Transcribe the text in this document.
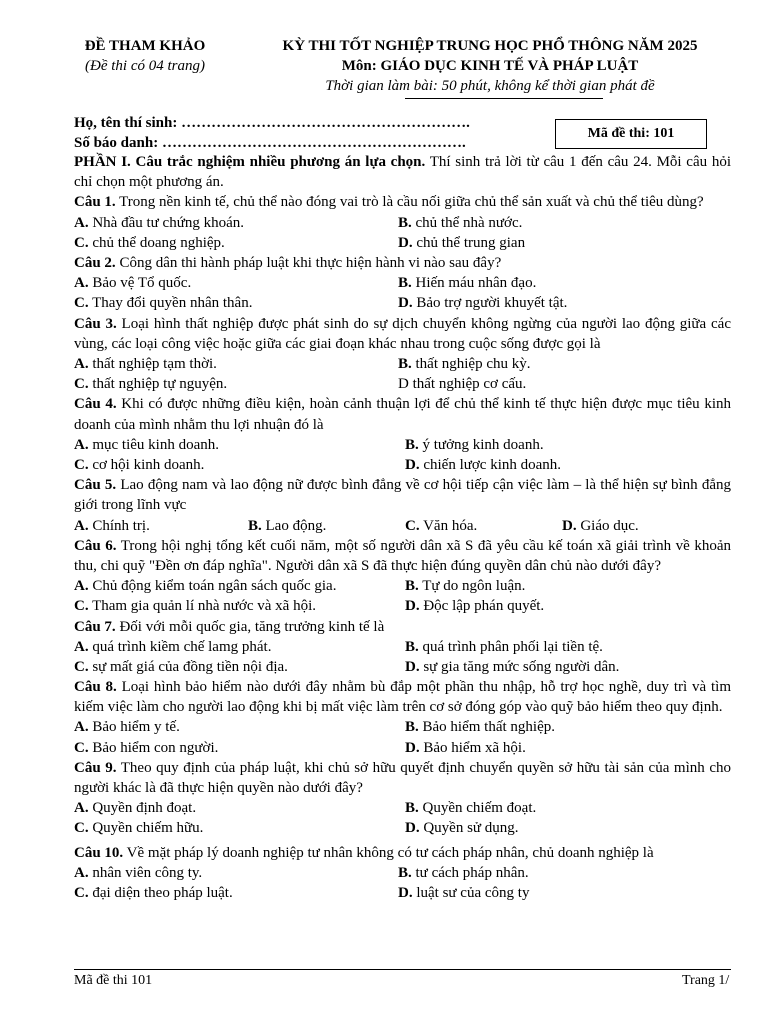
ĐỀ THAM KHẢO
(Đề thi có 04 trang)
KỲ THI TỐT NGHIỆP TRUNG HỌC PHỔ THÔNG NĂM 2025
Môn: GIÁO DỤC KINH TẾ VÀ PHÁP LUẬT
Thời gian làm bài: 50 phút, không kể thời gian phát đề
Họ, tên thí sinh: ………………………………………………….
Số báo danh: …………………………………………………….
Mã đề thi: 101

PHẦN I. Câu trắc nghiệm nhiều phương án lựa chọn. Thí sinh trả lời từ câu 1 đến câu 24. Mỗi câu hỏi chỉ chọn một phương án.

Câu 1. Trong nền kinh tế, chủ thể nào đóng vai trò là cầu nối giữa chủ thể sản xuất và chủ thể tiêu dùng?

A. Nhà đầu tư chứng khoán.	B. chủ thể nhà nước.
C. chủ thể doang nghiệp.	D. chủ thể trung gian

Câu 2. Công dân thi hành pháp luật khi thực hiện hành vi nào sau đây?

A. Bảo vệ Tổ quốc.	B. Hiến máu nhân đạo.
C. Thay đổi quyền nhân thân.	D. Bảo trợ người khuyết tật.

Câu 3. Loại hình thất nghiệp được phát sinh do sự dịch chuyển không ngừng của người lao động giữa các vùng, các loại công việc hoặc giữa các giai đoạn khác nhau trong cuộc sống được gọi là

A. thất nghiệp tạm thời.	B. thất nghiệp chu kỳ.
C. thất nghiệp tự nguyện.	D thất nghiệp cơ cấu.

Câu 4. Khi có được những điều kiện, hoàn cảnh thuận lợi để chủ thể kinh tế thực hiện được mục tiêu kinh doanh của mình nhằm thu lợi nhuận đó là

A. mục tiêu kinh doanh.	B. ý tưởng kinh doanh.
C. cơ hội kinh doanh.	D. chiến lược kinh doanh.

Câu 5. Lao động nam và lao động nữ được bình đẳng về cơ hội tiếp cận việc làm – là thể hiện sự bình đẳng giới trong lĩnh vực

A. Chính trị.	B. Lao động.	C. Văn hóa.	D. Giáo dục.

Câu 6. Trong hội nghị tổng kết cuối năm, một số người dân xã S đã yêu cầu kế toán xã giải trình về khoản thu, chi quỹ "Đền ơn đáp nghĩa". Người dân xã S đã thực hiện đúng quyền dân chủ nào dưới đây?

A. Chủ động kiểm toán ngân sách quốc gia.	B. Tự do ngôn luận.
C. Tham gia quản lí nhà nước và xã hội.	D. Độc lập phán quyết.

Câu 7. Đối với mỗi quốc gia, tăng trưởng kinh tế là

A. quá trình kiềm chế lamg phát.	B. quá trình phân phối lại tiền tệ.
C. sự mất giá của đồng tiền nội địa.	D. sự gia tăng mức sống người dân.

Câu 8. Loại hình bảo hiểm nào dưới đây nhằm bù đắp một phần thu nhập, hỗ trợ học nghề, duy trì và tìm kiếm việc làm cho người lao động khi bị mất việc làm trên cơ sở đóng góp vào quỹ bảo hiểm theo quy định.

A. Bảo hiểm y tế.	B. Bảo hiểm thất nghiệp.
C. Bảo hiểm con người.	D. Bảo hiểm xã hội.

Câu 9. Theo quy định của pháp luật, khi chủ sở hữu quyết định chuyển quyền sở hữu tài sản của mình cho người khác là đã thực hiện quyền nào dưới đây?

A. Quyền định đoạt.	B. Quyền chiếm đoạt.
C. Quyền chiếm hữu.	D. Quyền sử dụng.

Câu 10. Về mặt pháp lý doanh nghiệp tư nhân không có tư cách pháp nhân, chủ doanh nghiệp là

A. nhân viên công ty.	B. tư cách pháp nhân.
C. đại diện theo pháp luật.	D. luật sư của công ty
Mã đề thi 101	Trang 1/
